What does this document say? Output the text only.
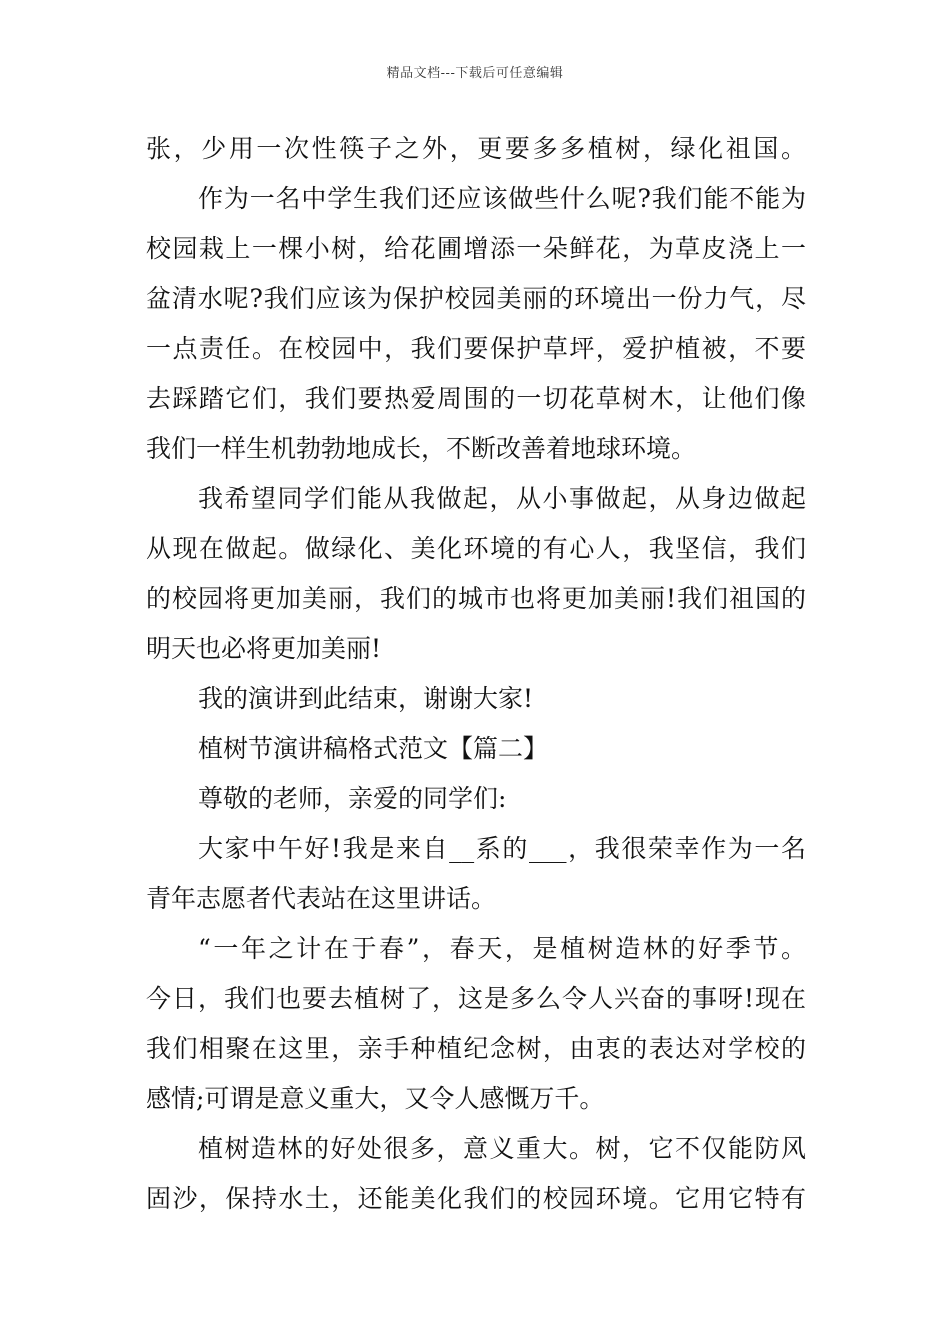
精品文档---下载后可任意编辑
张，少用一次性筷子之外，更要多多植树，绿化祖国。
作为一名中学生我们还应该做些什么呢?我们能不能为
校园栽上一棵小树，给花圃增添一朵鲜花，为草皮浇上一
盆清水呢?我们应该为保护校园美丽的环境出一份力气，尽
一点责任。在校园中，我们要保护草坪，爱护植被，不要
去踩踏它们，我们要热爱周围的一切花草树木，让他们像
我们一样生机勃勃地成长，不断改善着地球环境。
我希望同学们能从我做起，从小事做起，从身边做起
从现在做起。做绿化、美化环境的有心人，我坚信，我们
的校园将更加美丽，我们的城市也将更加美丽!我们祖国的
明天也必将更加美丽!
我的演讲到此结束，谢谢大家!
植树节演讲稿格式范文【篇二】
尊敬的老师，亲爱的同学们:
大家中午好!我是来自__系的___，我很荣幸作为一名
青年志愿者代表站在这里讲话。
“一年之计在于春”，春天，是植树造林的好季节。
今日，我们也要去植树了，这是多么令人兴奋的事呀!现在
我们相聚在这里，亲手种植纪念树，由衷的表达对学校的
感情;可谓是意义重大，又令人感慨万千。
植树造林的好处很多，意义重大。树，它不仅能防风
固沙，保持水土，还能美化我们的校园环境。它用它特有
